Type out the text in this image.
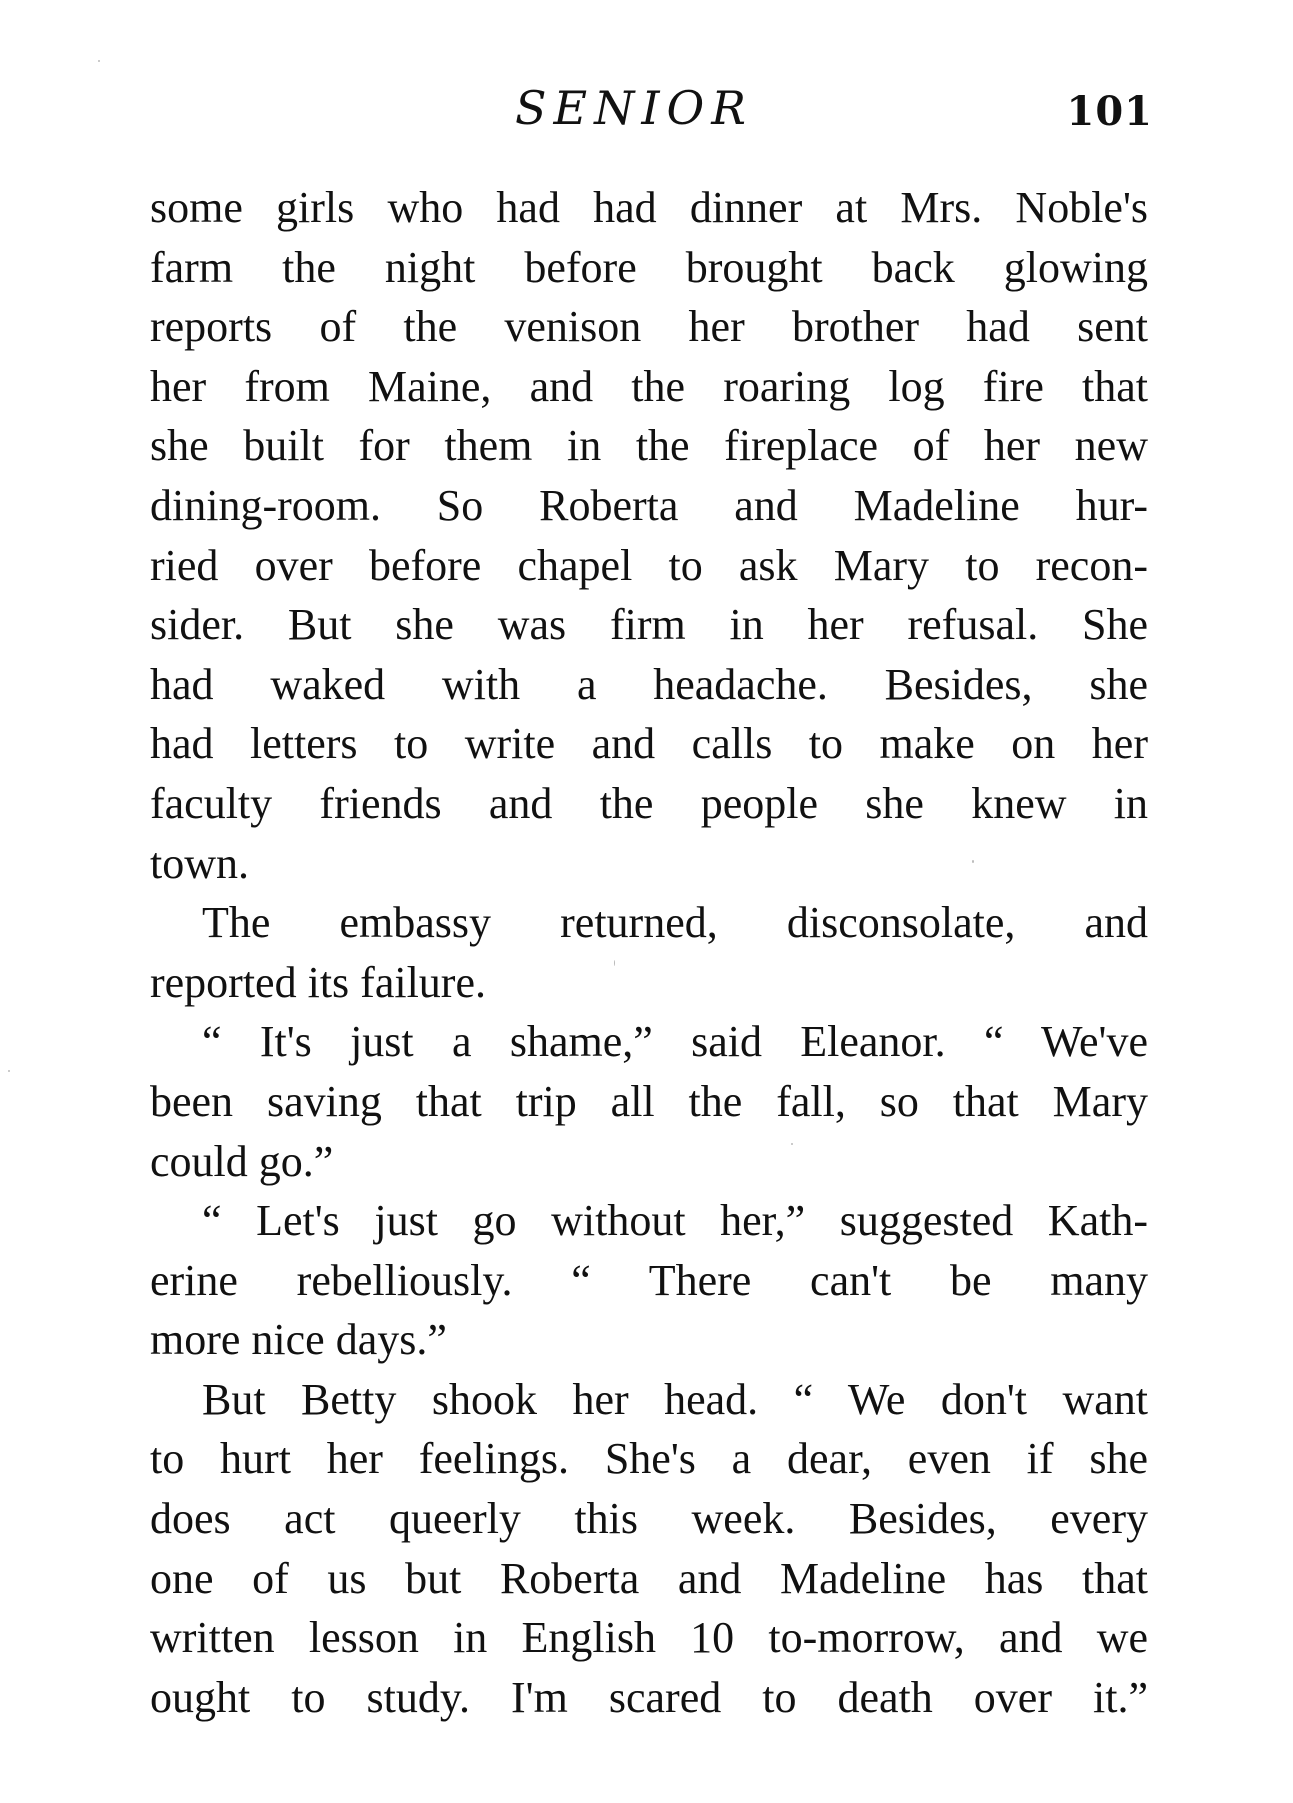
SENIOR	101
some girls who had had dinner at Mrs. Noble's
farm the night before brought back glowing
reports of the venison her brother had sent
her from Maine, and the roaring log fire that
she built for them in the fireplace of her new
dining-room. So Roberta and Madeline hur-
ried over before chapel to ask Mary to recon-
sider. But she was firm in her refusal. She
had waked with a headache. Besides, she
had letters to write and calls to make on her
faculty friends and the people she knew in
town.
The embassy returned, disconsolate, and
reported its failure.
“ It's just a shame,” said Eleanor. “ We've
been saving that trip all the fall, so that Mary
could go.”
“ Let's just go without her,” suggested Kath-
erine rebelliously. “ There can't be many
more nice days.”
But Betty shook her head. “ We don't want
to hurt her feelings. She's a dear, even if she
does act queerly this week. Besides, every
one of us but Roberta and Madeline has that
written lesson in English 10 to-morrow, and we
ought to study. I'm scared to death over it.”
